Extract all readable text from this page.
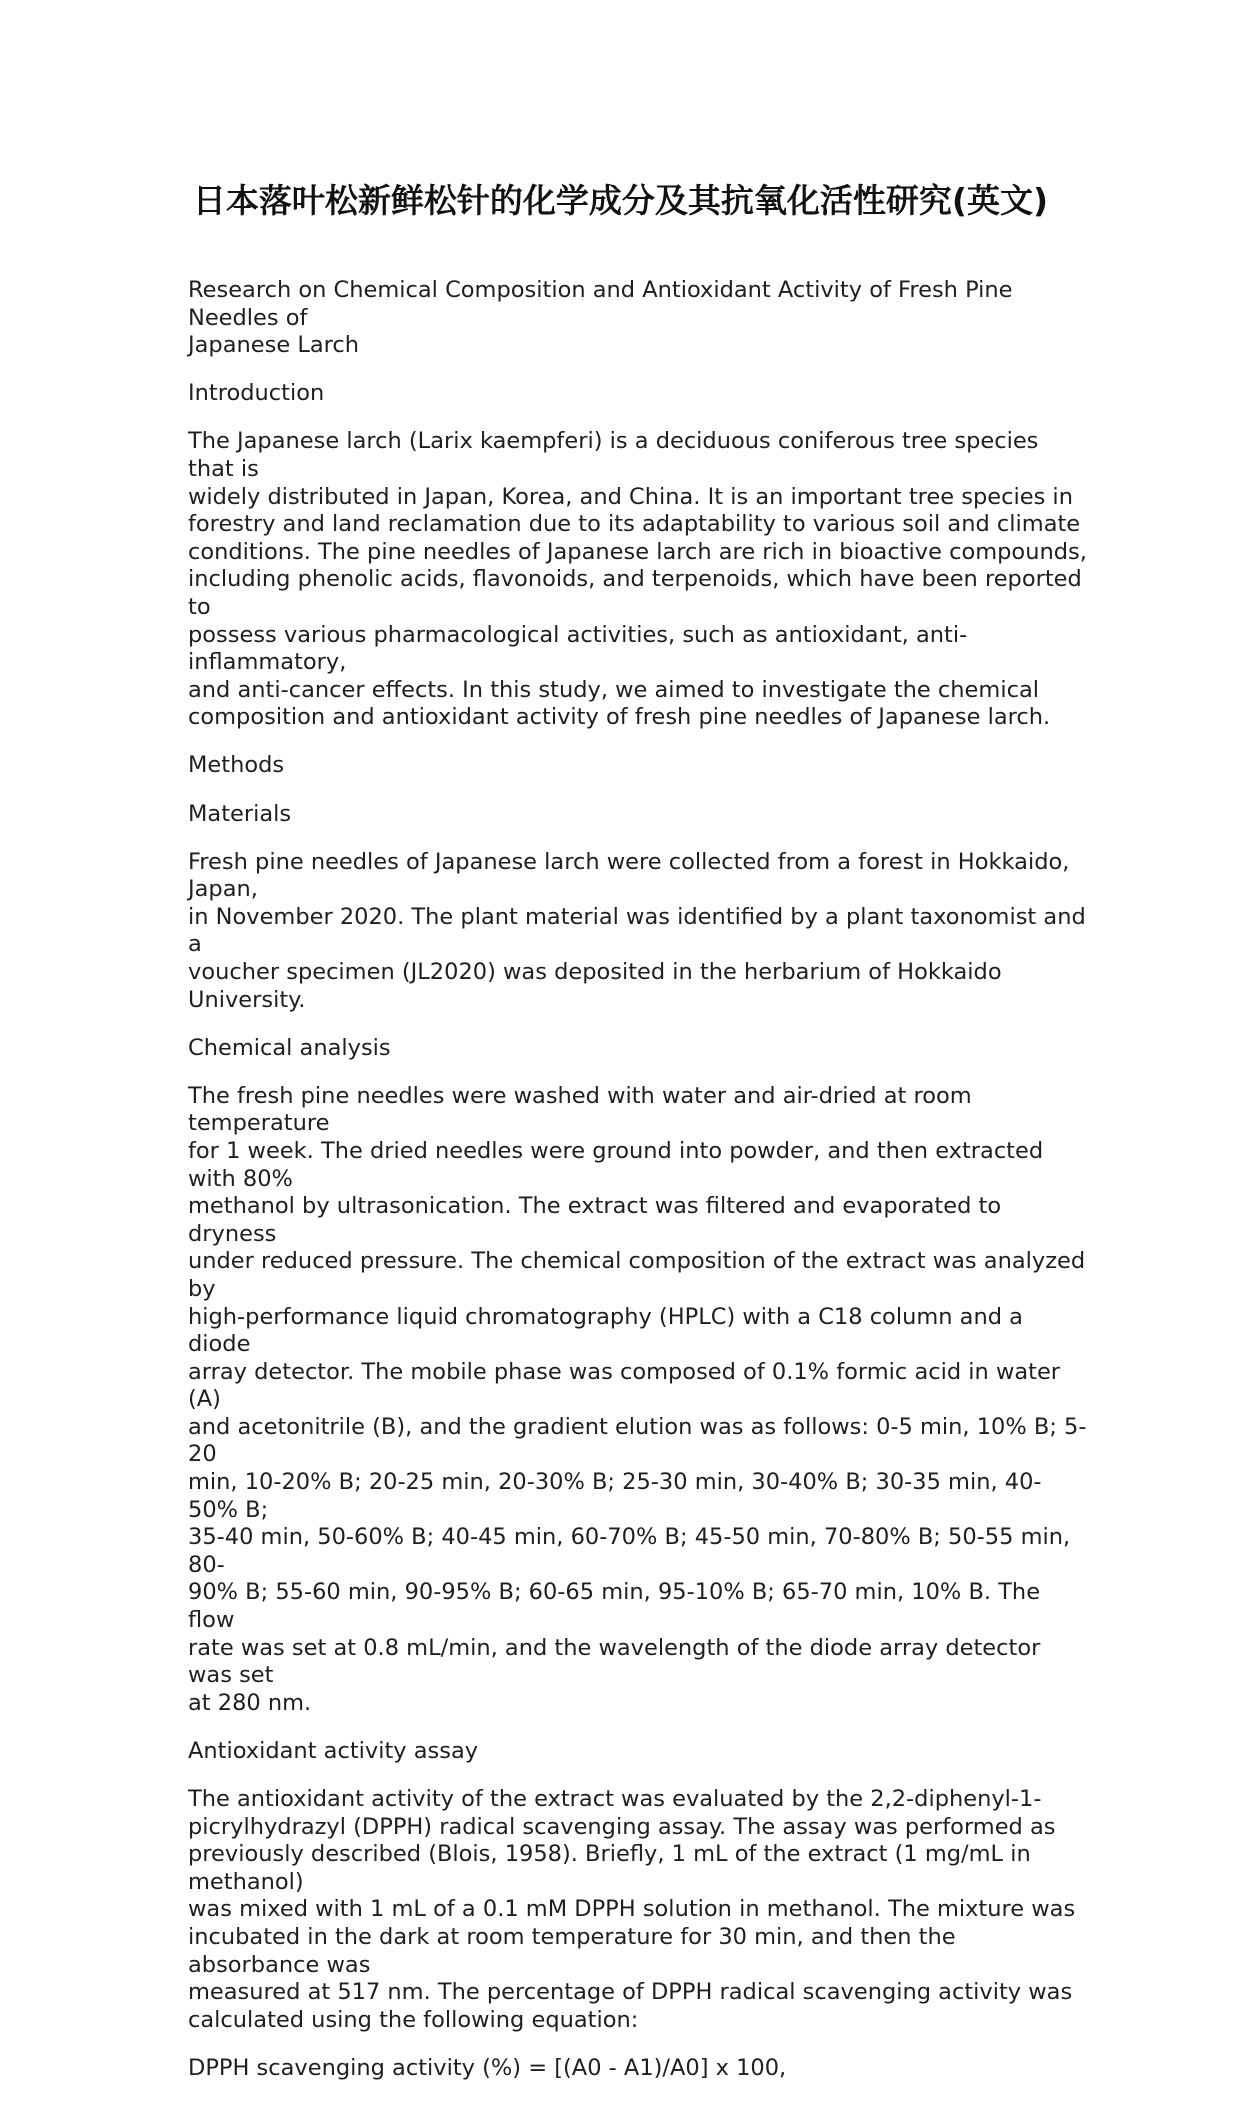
日本落叶松新鲜松针的化学成分及其抗氧化活性研究(英文)

Research on Chemical Composition and Antioxidant Activity of Fresh Pine Needles of
Japanese Larch

Introduction

The Japanese larch (Larix kaempferi) is a deciduous coniferous tree species that is
widely distributed in Japan, Korea, and China. It is an important tree species in
forestry and land reclamation due to its adaptability to various soil and climate
conditions. The pine needles of Japanese larch are rich in bioactive compounds,
including phenolic acids, flavonoids, and terpenoids, which have been reported to
possess various pharmacological activities, such as antioxidant, anti-inflammatory,
and anti-cancer effects. In this study, we aimed to investigate the chemical
composition and antioxidant activity of fresh pine needles of Japanese larch.

Methods

Materials

Fresh pine needles of Japanese larch were collected from a forest in Hokkaido, Japan,
in November 2020. The plant material was identified by a plant taxonomist and a
voucher specimen (JL2020) was deposited in the herbarium of Hokkaido University.

Chemical analysis

The fresh pine needles were washed with water and air-dried at room temperature
for 1 week. The dried needles were ground into powder, and then extracted with 80%
methanol by ultrasonication. The extract was filtered and evaporated to dryness
under reduced pressure. The chemical composition of the extract was analyzed by
high-performance liquid chromatography (HPLC) with a C18 column and a diode
array detector. The mobile phase was composed of 0.1% formic acid in water (A)
and acetonitrile (B), and the gradient elution was as follows: 0-5 min, 10% B; 5-20
min, 10-20% B; 20-25 min, 20-30% B; 25-30 min, 30-40% B; 30-35 min, 40-50% B;
35-40 min, 50-60% B; 40-45 min, 60-70% B; 45-50 min, 70-80% B; 50-55 min, 80-
90% B; 55-60 min, 90-95% B; 60-65 min, 95-10% B; 65-70 min, 10% B. The flow
rate was set at 0.8 mL/min, and the wavelength of the diode array detector was set
at 280 nm.

Antioxidant activity assay

The antioxidant activity of the extract was evaluated by the 2,2-diphenyl-1-
picrylhydrazyl (DPPH) radical scavenging assay. The assay was performed as
previously described (Blois, 1958). Briefly, 1 mL of the extract (1 mg/mL in methanol)
was mixed with 1 mL of a 0.1 mM DPPH solution in methanol. The mixture was
incubated in the dark at room temperature for 30 min, and then the absorbance was
measured at 517 nm. The percentage of DPPH radical scavenging activity was
calculated using the following equation:

DPPH scavenging activity (%) = [(A0 - A1)/A0] x 100,
